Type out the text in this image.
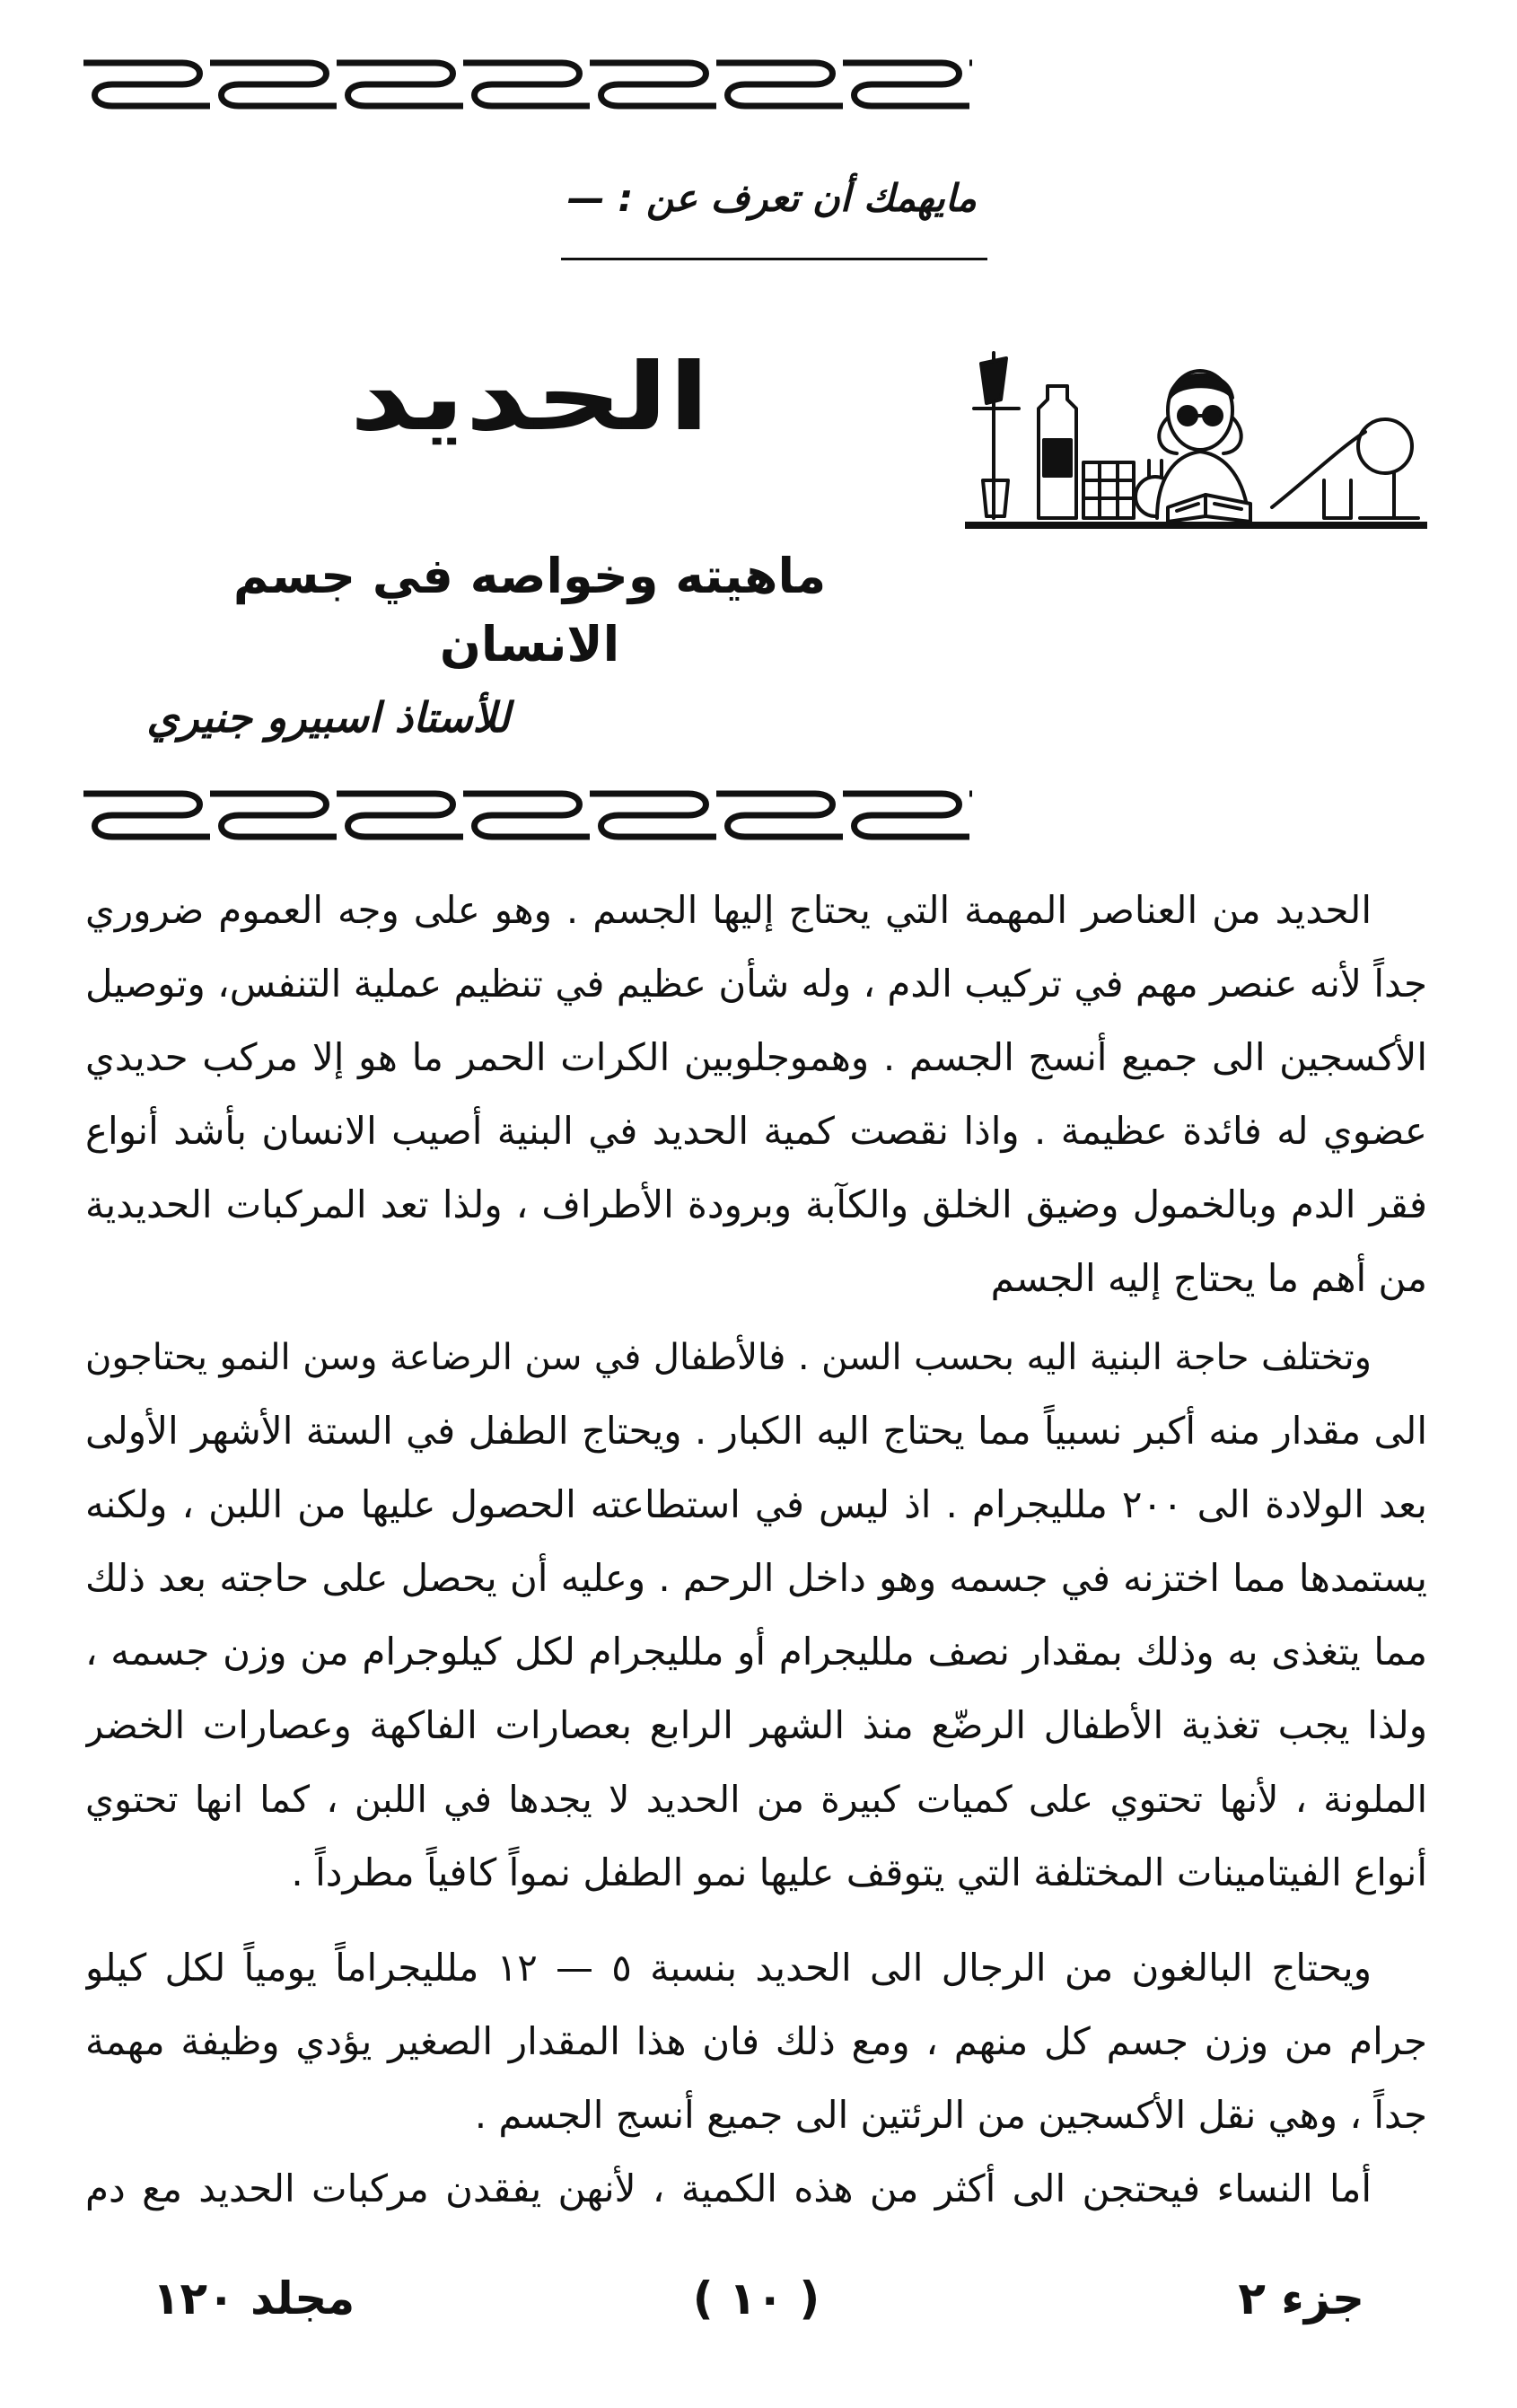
مايهمك أن تعرف عن : —
الحديد
ماهيته وخواصه في جسم الانسان
للأستاذ اسبيرو جنيري
الحديد من العناصر المهمة التي يحتاج إليها الجسم . وهو على وجه العموم ضروري
جداً لأنه عنصر مهم في تركيب الدم ، وله شأن عظيم في تنظيم عملية التنفس، وتوصيل
الأكسجين الى جميع أنسج الجسم . وهموجلوبين الكرات الحمر ما هو إلا مركب حديدي
عضوي له فائدة عظيمة . واذا نقصت كمية الحديد في البنية أصيب الانسان بأشد أنواع
فقر الدم وبالخمول وضيق الخلق والكآبة وبرودة الأطراف ، ولذا تعد المركبات الحديدية
من أهم ما يحتاج إليه الجسم
وتختلف حاجة البنية اليه بحسب السن . فالأطفال في سن الرضاعة وسن النمو يحتاجون
الى مقدار منه أكبر نسبياً مما يحتاج اليه الكبار . ويحتاج الطفل في الستة الأشهر الأولى
بعد الولادة الى ٢٠٠ ملليجرام . اذ ليس في استطاعته الحصول عليها من اللبن ، ولكنه
يستمدها مما اختزنه في جسمه وهو داخل الرحم . وعليه أن يحصل على حاجته بعد ذلك
مما يتغذى به وذلك بمقدار نصف ملليجرام أو ملليجرام لكل كيلوجرام من وزن جسمه ،
ولذا يجب تغذية الأطفال الرضّع منذ الشهر الرابع بعصارات الفاكهة وعصارات الخضر
الملونة ، لأنها تحتوي على كميات كبيرة من الحديد لا يجدها في اللبن ، كما انها تحتوي
أنواع الفيتامينات المختلفة التي يتوقف عليها نمو الطفل نمواً كافياً مطرداً .
ويحتاج البالغون من الرجال الى الحديد بنسبة ٥ — ١٢ ملليجراماً يومياً لكل كيلو
جرام من وزن جسم كل منهم ، ومع ذلك فان هذا المقدار الصغير يؤدي وظيفة مهمة
جداً ، وهي نقل الأكسجين من الرئتين الى جميع أنسج الجسم .
أما النساء فيحتجن الى أكثر من هذه الكمية ، لأنهن يفقدن مركبات الحديد مع دم
جزء ٢
( ١٠ )
مجلد ١٢٠
